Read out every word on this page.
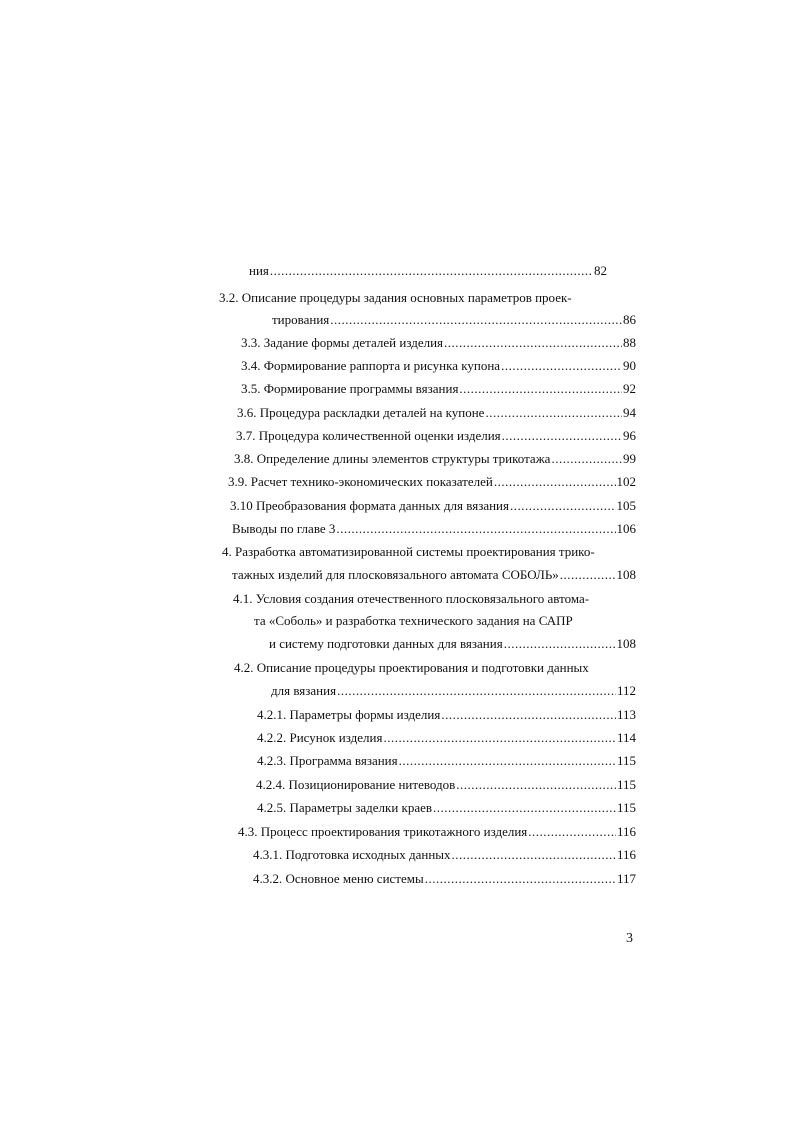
ния .....	82
3.2. Описание процедуры задания основных параметров проек-
тирования .....	86
3.3. Задание формы деталей изделия .....	88
3.4. Формирование раппорта и рисунка купона .....	90
3.5. Формирование программы вязания .....	92
3.6. Процедура раскладки деталей на купоне .....	94
3.7. Процедура количественной оценки изделия .....	96
3.8. Определение длины элементов структуры трикотажа .....	99
3.9. Расчет технико-экономических показателей .....	102
3.10 Преобразования формата данных для вязания .....	105
Выводы по главе 3 .....	106
4. Разработка автоматизированной системы проектирования трико-
тажных изделий для плосковязального автомата СОБОЛЬ» .....	108
4.1. Условия создания отечественного плосковязального автома-
та «Соболь» и разработка технического задания на САПР
и систему подготовки данных для вязания .....	108
4.2. Описание процедуры проектирования и подготовки данных
для вязания .....	112
4.2.1. Параметры формы изделия .....	113
4.2.2. Рисунок изделия .....	114
4.2.3. Программа вязания .....	115
4.2.4. Позиционирование нитеводов .....	115
4.2.5. Параметры заделки краев .....	115
4.3. Процесс проектирования трикотажного изделия .....	116
4.3.1. Подготовка исходных данных .....	116
4.3.2. Основное меню системы .....	117
3
